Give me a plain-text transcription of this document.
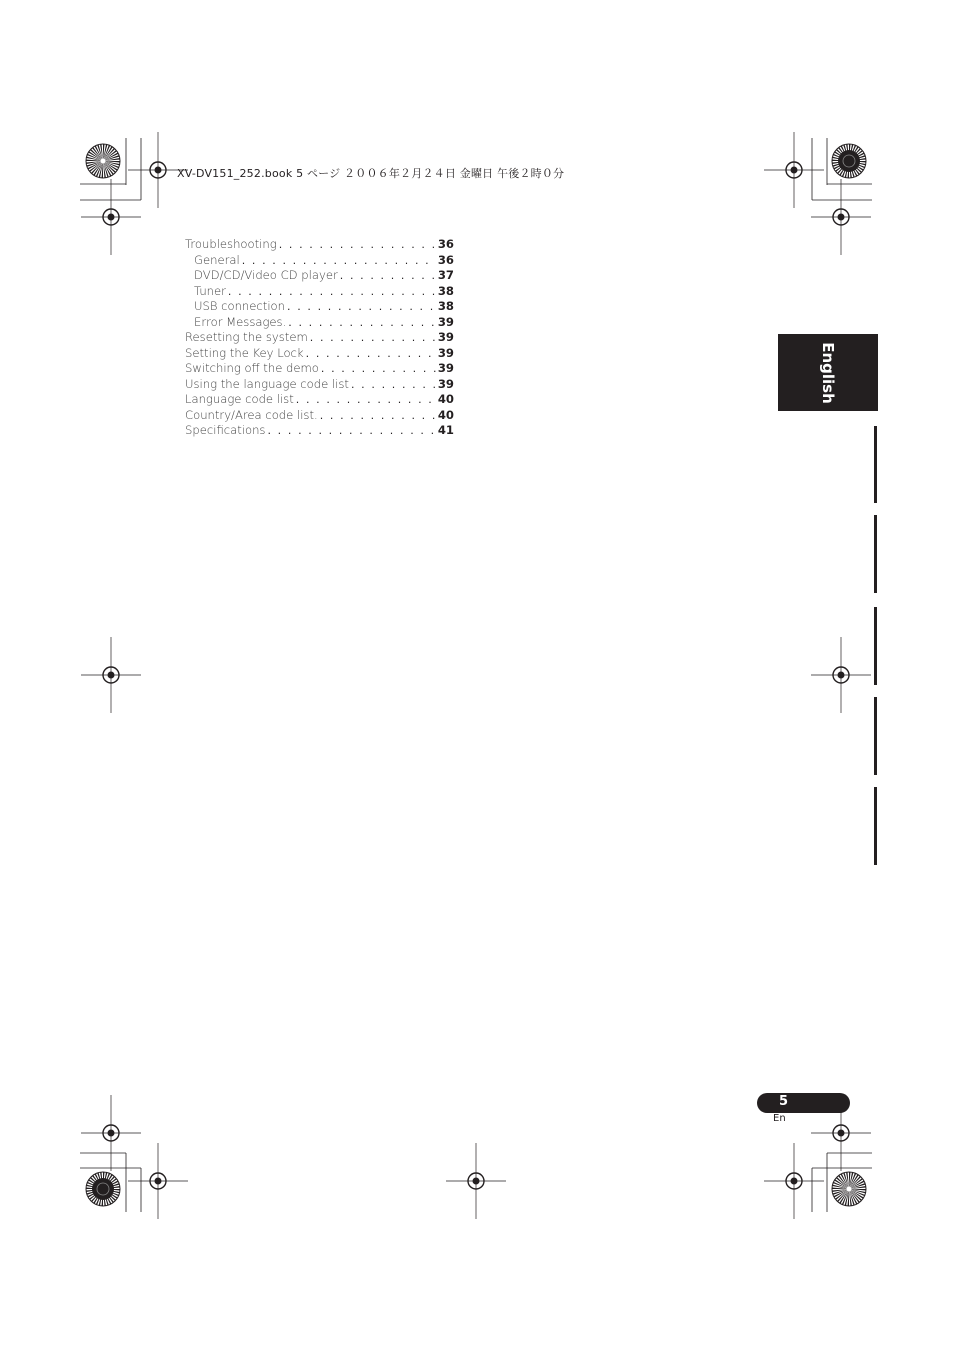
XV-DV151_252.book 5 ページ ２００６年２月２４日 金曜日 午後２時０分
Troubleshooting . . .	36
General . . .	36
DVD/CD/Video CD player . . .	37
Tuner . . .	38
USB connection . . .	38
Error Messages. . . .	39
Resetting the system . . .	39
Setting the Key Lock . . .	39
Switching off the demo . . .	39
Using the language code list . . .	39
Language code list . . .	40
Country/Area code list. . . .	40
Specifications . . .	41
English
5
En
